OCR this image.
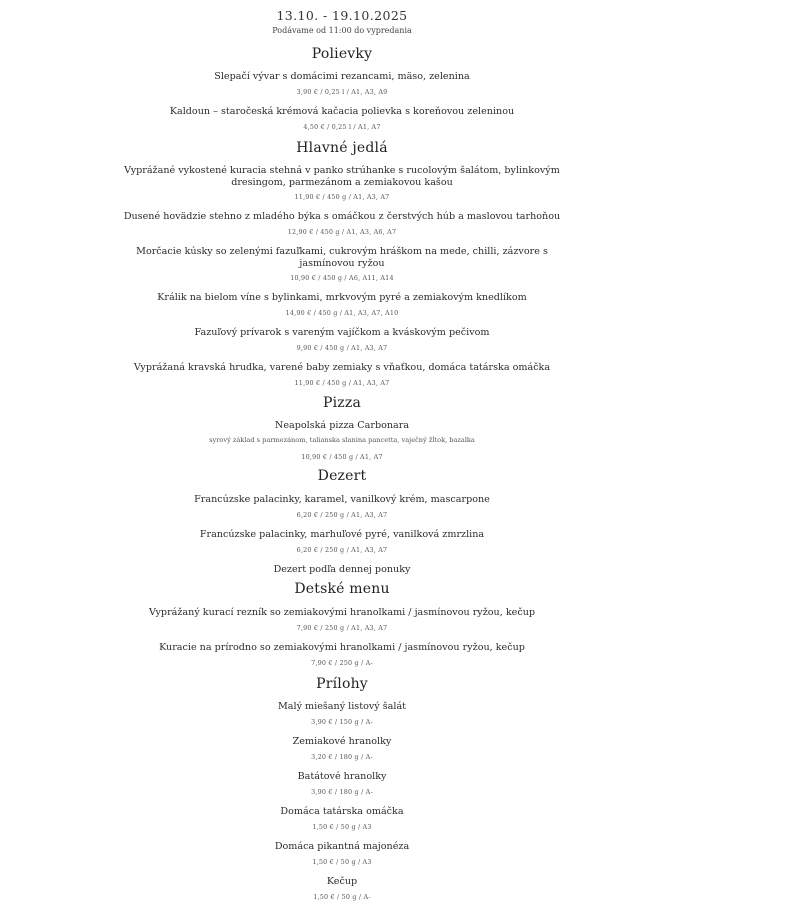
13.10. - 19.10.2025
Podávame od 11:00 do vypredania
Polievky
Slepačí vývar s domácimi rezancami, mäso, zelenina
3,90 € / 0,25 l / A1, A3, A9
Kaldoun – staročeská krémová kačacia polievka s koreňovou zeleninou
4,50 € / 0,25 l / A1, A7
Hlavné jedlá
Vyprážané vykostené kuracia stehná v panko strúhanke s rucolovým šalátom, bylinkovým dresingom, parmezánom a zemiakovou kašou
11,90 € / 450 g / A1, A3, A7
Dusené hovädzie stehno z mladého býka s omáčkou z čerstvých húb a maslovou tarhoňou
12,90 € / 450 g / A1, A3, A6, A7
Morčacie kúsky so zelenými fazuľkami, cukrovým hráškom na mede, chilli, zázvore s jasmínovou ryžou
10,90 € / 450 g / A6, A11, A14
Králik na bielom víne s bylinkami, mrkvovým pyré a zemiakovým knedlíkom
14,90 € / 450 g / A1, A3, A7, A10
Fazuľový prívarok s vareným vajíčkom a kváskovým pečivom
9,90 € / 450 g / A1, A3, A7
Vyprážaná kravská hrudka, varené baby zemiaky s vňaťkou, domáca tatárska omáčka
11,90 € / 450 g / A1, A3, A7
Pizza
Neapolská pizza Carbonara
syrový základ s parmezánom, talianska slanina pancetta, vaječný žĺtok, bazalka
10,90 € / 450 g / A1, A7
Dezert
Francúzske palacinky, karamel, vanilkový krém, mascarpone
6,20 € / 250 g / A1, A3, A7
Francúzske palacinky, marhuľové pyré, vanilková zmrzlina
6,20 € / 250 g / A1, A3, A7
Dezert podľa dennej ponuky
Detské menu
Vyprážaný kurací rezník so zemiakovými hranolkami / jasmínovou ryžou, kečup
7,90 € / 250 g / A1, A3, A7
Kuracie na prírodno so zemiakovými hranolkami / jasmínovou ryžou, kečup
7,90 € / 250 g / A-
Prílohy
Malý miešaný listový šalát
3,90 € / 150 g / A-
Zemiakové hranolky
3,20 € / 180 g / A-
Batátové hranolky
3,90 € / 180 g / A-
Domáca tatárska omáčka
1,50 € / 50 g / A3
Domáca pikantná majonéza
1,50 € / 50 g / A3
Kečup
1,50 € / 50 g / A-
